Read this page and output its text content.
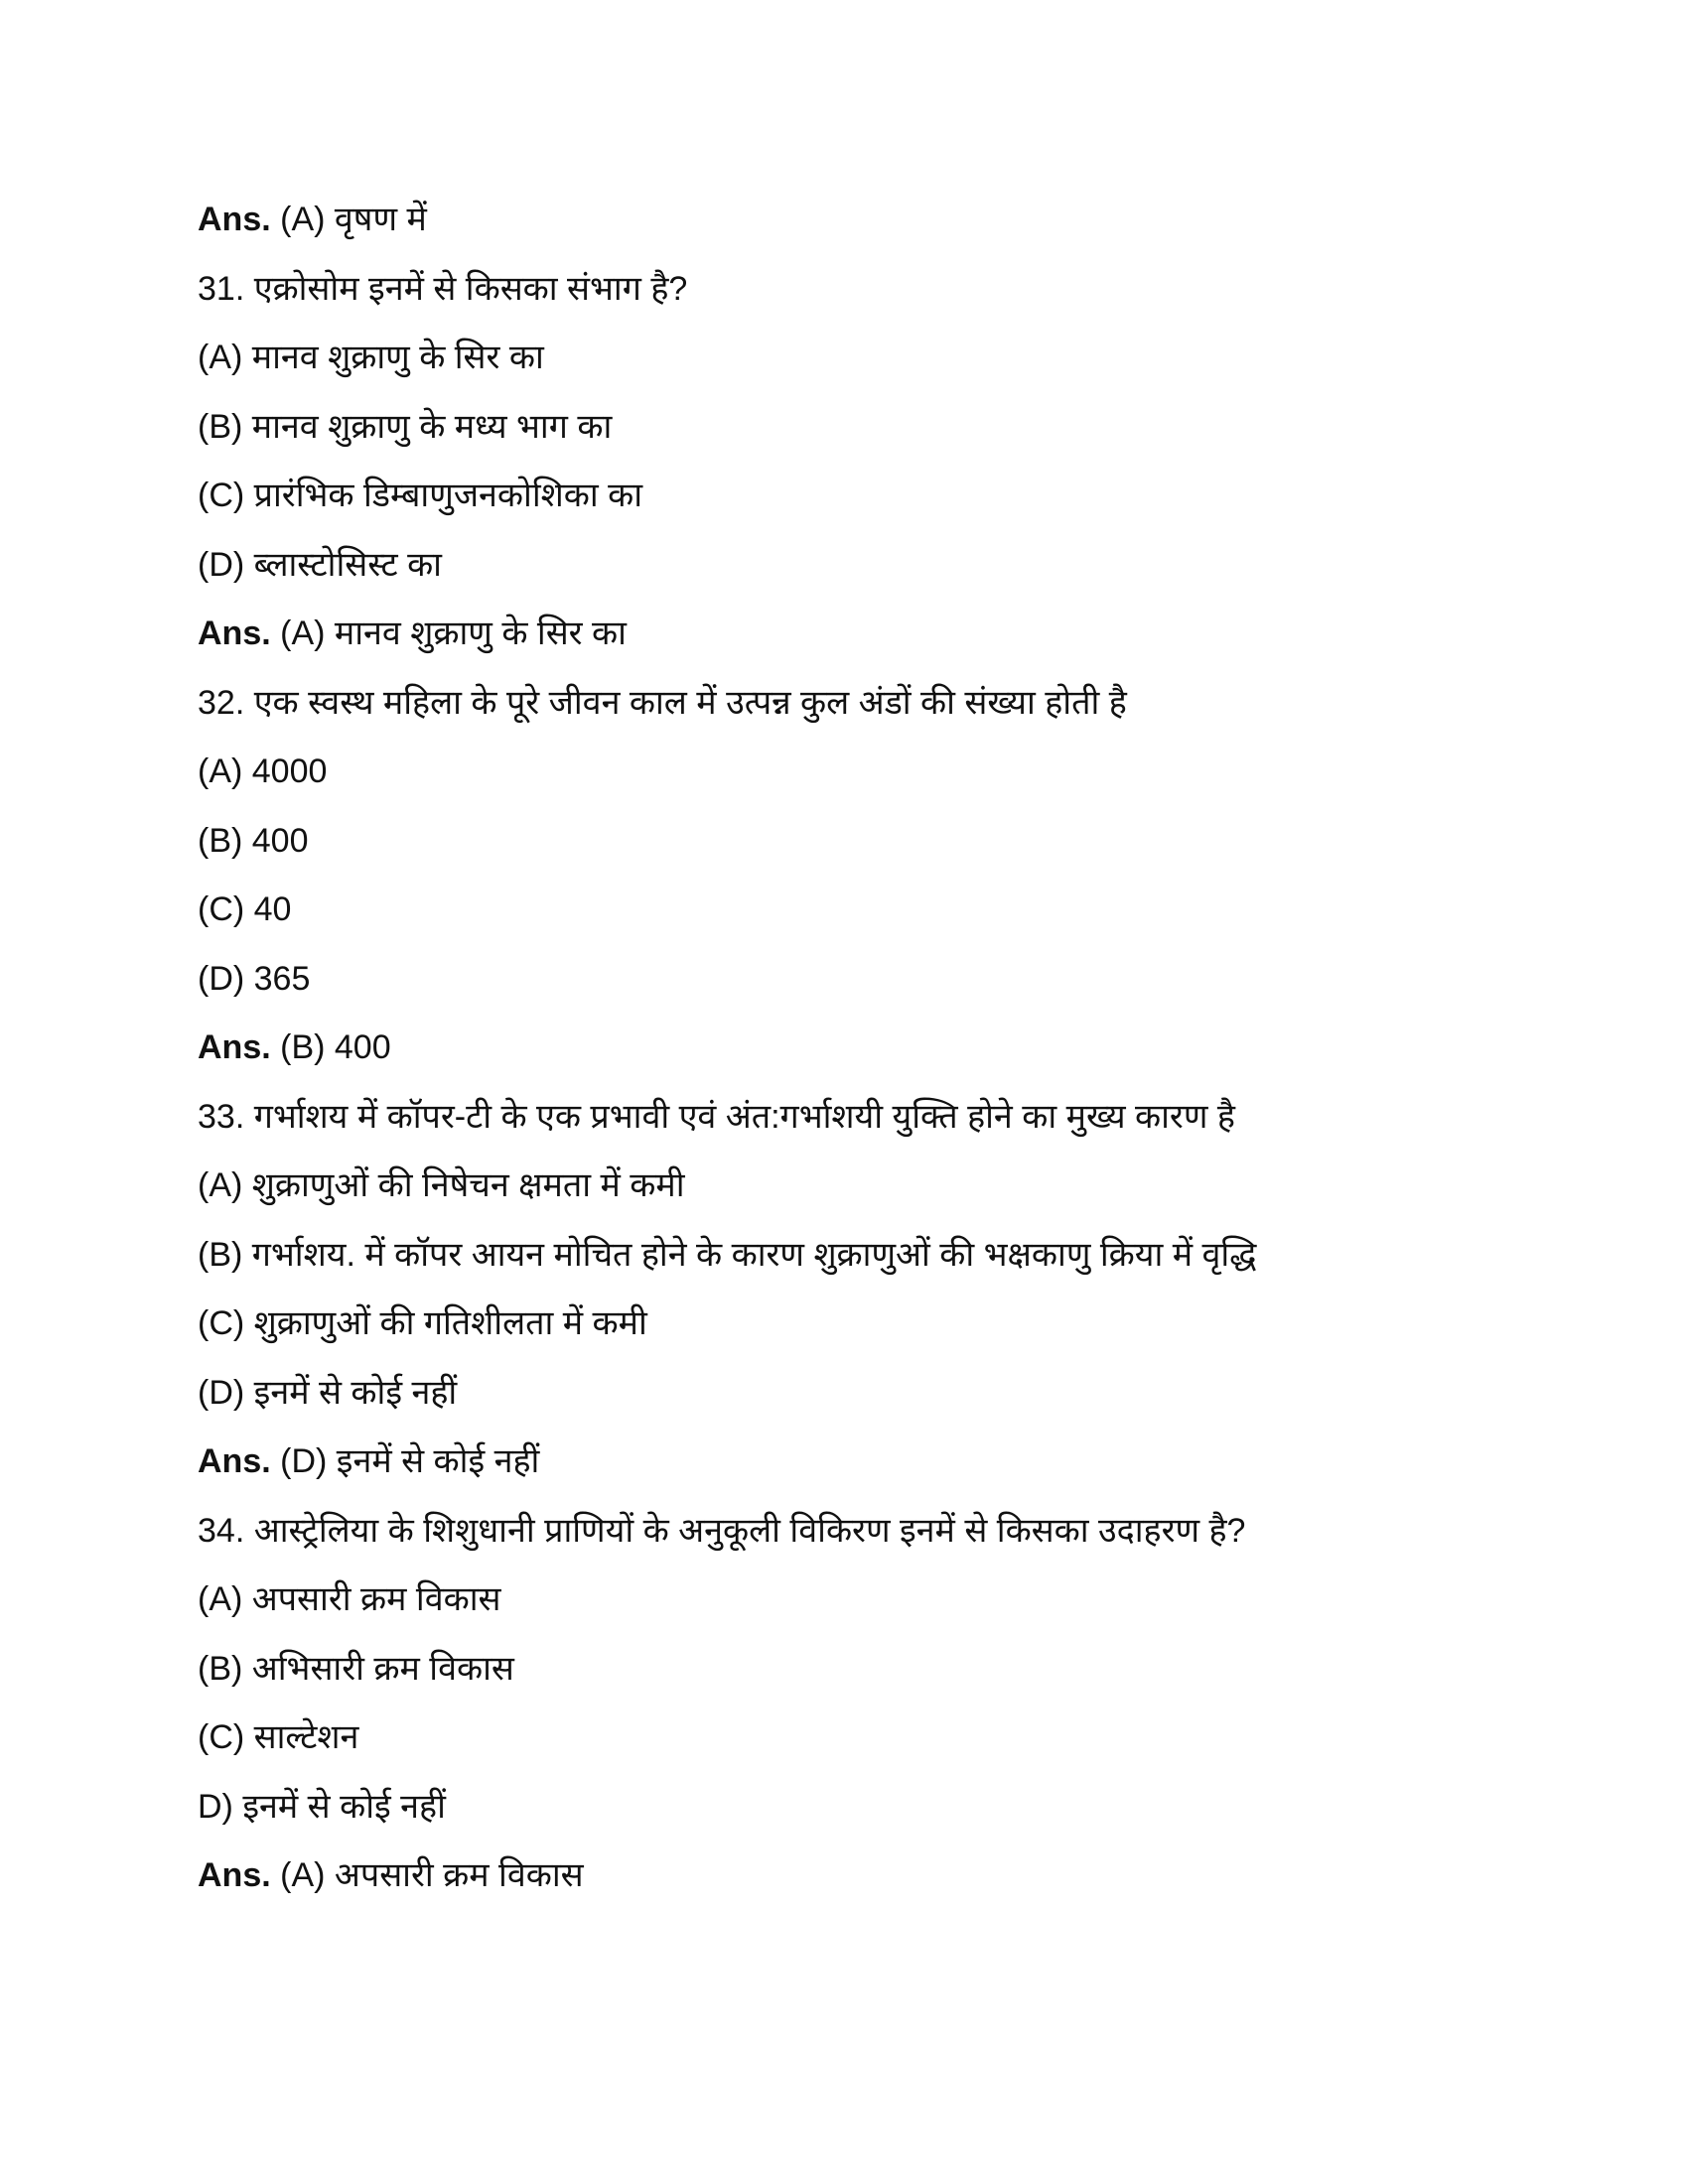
Ans. (A) वृषण में
31. एक्रोसोम इनमें से किसका संभाग है?
(A) मानव शुक्राणु के सिर का
(B) मानव शुक्राणु के मध्य भाग का
(C) प्रारंभिक डिम्बाणुजनकोशिका का
(D) ब्लास्टोसिस्ट का
Ans. (A) मानव शुक्राणु के सिर का
32. एक स्वस्थ महिला के पूरे जीवन काल में उत्पन्न कुल अंडों की संख्या होती है
(A) 4000
(B) 400
(C) 40
(D) 365
Ans. (B) 400
33. गर्भाशय में कॉपर-टी के एक प्रभावी एवं अंत:गर्भाशयी युक्ति होने का मुख्य कारण है
(A) शुक्राणुओं की निषेचन क्षमता में कमी
(B) गर्भाशय. में कॉपर आयन मोचित होने के कारण शुक्राणुओं की भक्षकाणु क्रिया में वृद्धि
(C) शुक्राणुओं की गतिशीलता में कमी
(D) इनमें से कोई नहीं
Ans. (D) इनमें से कोई नहीं
34. आस्ट्रेलिया के शिशुधानी प्राणियों के अनुकूली विकिरण इनमें से किसका उदाहरण है?
(A) अपसारी क्रम विकास
(B) अभिसारी क्रम विकास
(C) साल्टेशन
D) इनमें से कोई नहीं
Ans. (A) अपसारी क्रम विकास
